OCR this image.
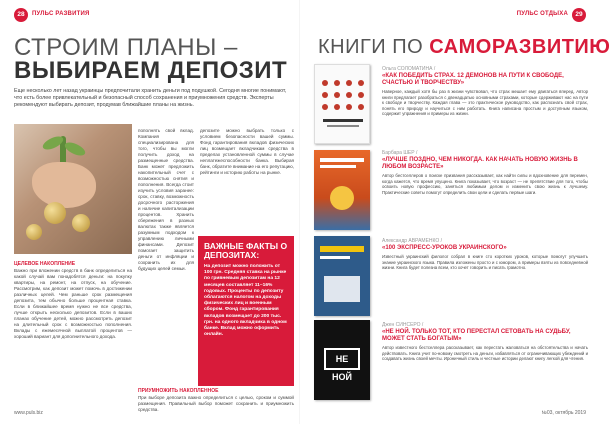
28	ПУЛЬС РАЗВИТИЯ
СТРОИМ ПЛАНЫ –
ВЫБИРАЕМ ДЕПОЗИТ
Еще несколько лет назад украинцы предпочитали хранить деньги под подушкой. Сегодня многие понимают, что есть более привлекательный и безопасный способ сохранения и приумножения средств. Эксперты рекомендуют выбирать депозит, продумав ближайшие планы на жизнь.
ЦЕЛЕВОЕ НАКОПЛЕНИЕ
Важно при вложении средств в банк определиться на какой случай вам понадобятся деньги: на покупку квартиры, на ремонт, на отпуск, на обучение. Рассмотрим, как депозит может помочь в достижении различных целей. Чем раньше срок размещения депозита, тем обычно больше процентная ставка. Если в ближайшее время нужно не все средства, лучше открыть несколько депозитов. Если в ваших планах обучение детей, можно рассмотреть депозит на длительный срок с возможностью пополнения. Вклады с ежемесячной выплатой процентов — хороший вариант для дополнительного дохода.
пополнять свой вклад. Компания специализирована для того, чтобы вы могли получить доход на размещенные средства. Банк может предложить накопительный счет с возможностью снятия и пополнения. Всегда стоит изучить условия заранее: срок, ставку, возможность досрочного расторжения и наличие капитализации процентов. Хранить сбережения в разных валютах также является разумным подходом к управлению личными финансами. Депозит помогает защитить деньги от инфляции и сохранить их для будущих целей семьи.
депозите можно выбрать только с условием безопасности вашей суммы. Фонд гарантирования вкладов физических лиц возмещает вкладчикам средства в пределах установленной суммы в случае неплатежеспособности банка. Выбирая банк, обратите внимание на его репутацию, рейтинги и историю работы на рынке.
ВАЖНЫЕ ФАКТЫ О ДЕПОЗИТАХ:
На депозит можно положить от 100 грн. Средняя ставка на рынке по гривневым депозитам на 12 месяцев составляет 11–16% годовых. Проценты по депозиту облагаются налогом на доходы физических лиц и военным сбором. Фонд гарантирования вкладов возмещает до 200 тыс. грн. на одного вкладчика в одном банке. Вклад можно оформить онлайн.
ПРИУМНОЖИТЬ НАКОПЛЕННОЕ
При выборе депозита важно определиться с целью, сроком и суммой размещения. Правильный выбор поможет сохранить и приумножить средства.
www.puls.biz
ПУЛЬС ОТДЫХА	29
КНИГИ ПО САМОРАЗВИТИЮ
Ольга СОЛОМАТИНА /
«КАК ПОБЕДИТЬ СТРАХ. 12 ДЕМОНОВ НА ПУТИ К СВОБОДЕ, СЧАСТЬЮ И ТВОРЧЕСТВУ»
Наверное, каждый хотя бы раз в жизни чувствовал, что страх мешает ему двигаться вперед. Автор книги предлагает разобраться с двенадцатью основными страхами, которые сдерживают нас на пути к свободе и творчеству. Каждая глава — это практическое руководство, как распознать свой страх, понять его природу и научиться с ним работать. Книга написана простым и доступным языком, содержит упражнения и примеры из жизни.
Барбара ШЕР /
«ЛУЧШЕ ПОЗДНО, ЧЕМ НИКОГДА. КАК НАЧАТЬ НОВУЮ ЖИЗНЬ В ЛЮБОМ ВОЗРАСТЕ»
Автор бестселлеров о поиске призвания рассказывает, как найти силы и вдохновение для перемен, когда кажется, что время упущено. Книга показывает, что возраст — не препятствие для того, чтобы освоить новую профессию, заняться любимым делом и изменить свою жизнь к лучшему. Практические советы помогут определить свои цели и сделать первые шаги.
Александр АВРАМЕНКО /
«100 ЭКСПРЕСС-УРОКОВ УКРАИНСКОГО»
Известный украинский филолог собрал в книге сто коротких уроков, которые помогут улучшить знание украинского языка. Правила изложены просто и с юмором, а примеры взяты из повседневной жизни. Книга будет полезна всем, кто хочет говорить и писать грамотно.
НЕ НОЙ
Джен СИНСЕРО /
«НЕ НОЙ. ТОЛЬКО ТОТ, КТО ПЕРЕСТАЛ СЕТОВАТЬ НА СУДЬБУ, МОЖЕТ СТАТЬ БОГАТЫМ»
Автор известного бестселлера рассказывает, как перестать жаловаться на обстоятельства и начать действовать. Книга учит по-новому смотреть на деньги, избавляться от ограничивающих убеждений и создавать жизнь своей мечты. Ироничный стиль и честные истории делают книгу легкой для чтения.
№03, октябрь 2019
